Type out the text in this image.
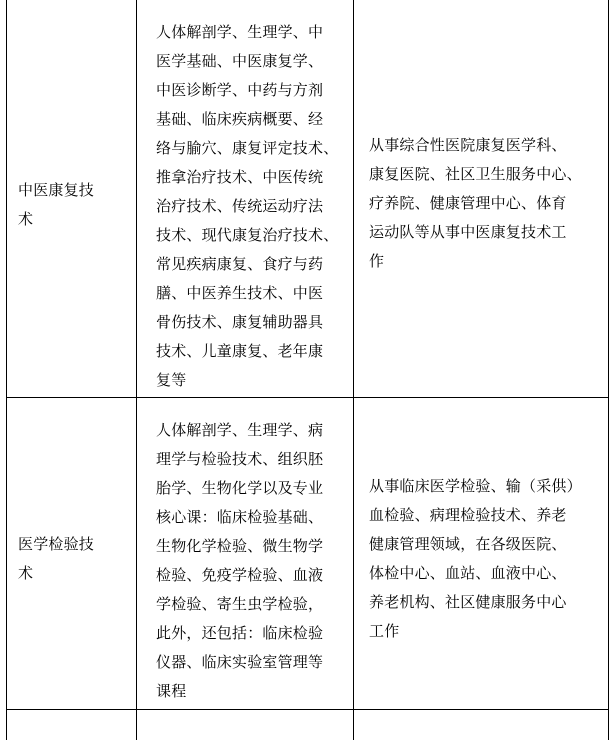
中医康复技
术
人体解剖学、生理学、中
医学基础、中医康复学、
中医诊断学、中药与方剂
基础、临床疾病概要、经
络与腧穴、康复评定技术、
推拿治疗技术、中医传统
治疗技术、传统运动疗法
技术、现代康复治疗技术、
常见疾病康复、食疗与药
膳、中医养生技术、中医
骨伤技术、康复辅助器具
技术、儿童康复、老年康
复等
从事综合性医院康复医学科、
康复医院、社区卫生服务中心、
疗养院、健康管理中心、体育
运动队等从事中医康复技术工
作
医学检验技
术
人体解剖学、生理学、病
理学与检验技术、组织胚
胎学、生物化学以及专业
核心课：临床检验基础、
生物化学检验、微生物学
检验、免疫学检验、血液
学检验、寄生虫学检验，
此外，还包括：临床检验
仪器、临床实验室管理等
课程
从事临床医学检验、输（采供）
血检验、病理检验技术、养老
健康管理领域，在各级医院、
体检中心、血站、血液中心、
养老机构、社区健康服务中心
工作
